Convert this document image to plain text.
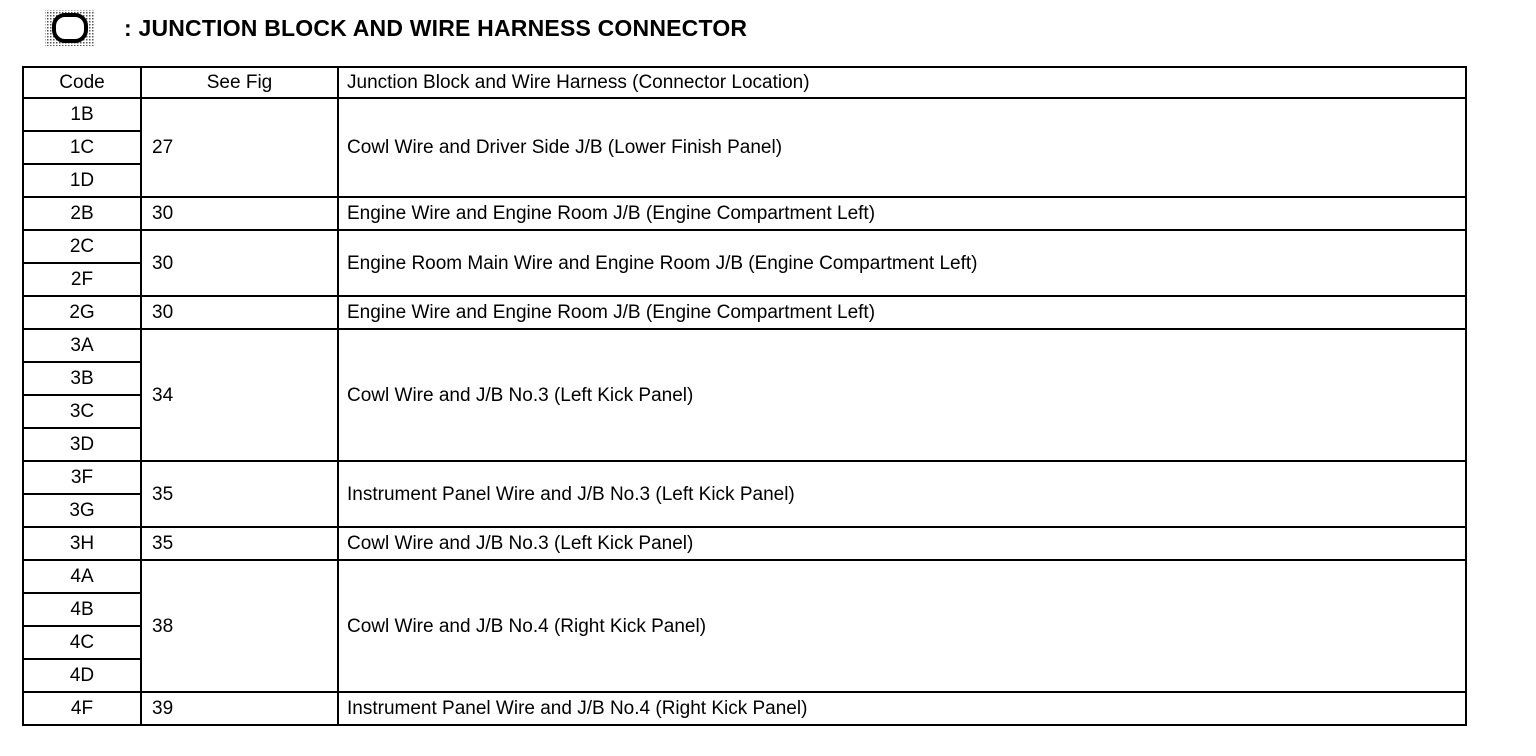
: JUNCTION BLOCK AND WIRE HARNESS CONNECTOR
Code	See Fig	Junction Block and Wire Harness (Connector Location)
1B	27	Cowl Wire and Driver Side J/B (Lower Finish Panel)
1C		
1D		
2B	30	Engine Wire and Engine Room J/B (Engine Compartment Left)
2C	30	Engine Room Main Wire and Engine Room J/B (Engine Compartment Left)
2F		
2G	30	Engine Wire and Engine Room J/B (Engine Compartment Left)
3A	34	Cowl Wire and J/B No.3 (Left Kick Panel)
3B		
3C		
3D		
3F	35	Instrument Panel Wire and J/B No.3 (Left Kick Panel)
3G		
3H	35	Cowl Wire and J/B No.3 (Left Kick Panel)
4A	38	Cowl Wire and J/B No.4 (Right Kick Panel)
4B		
4C		
4D		
4F	39	Instrument Panel Wire and J/B No.4 (Right Kick Panel)
